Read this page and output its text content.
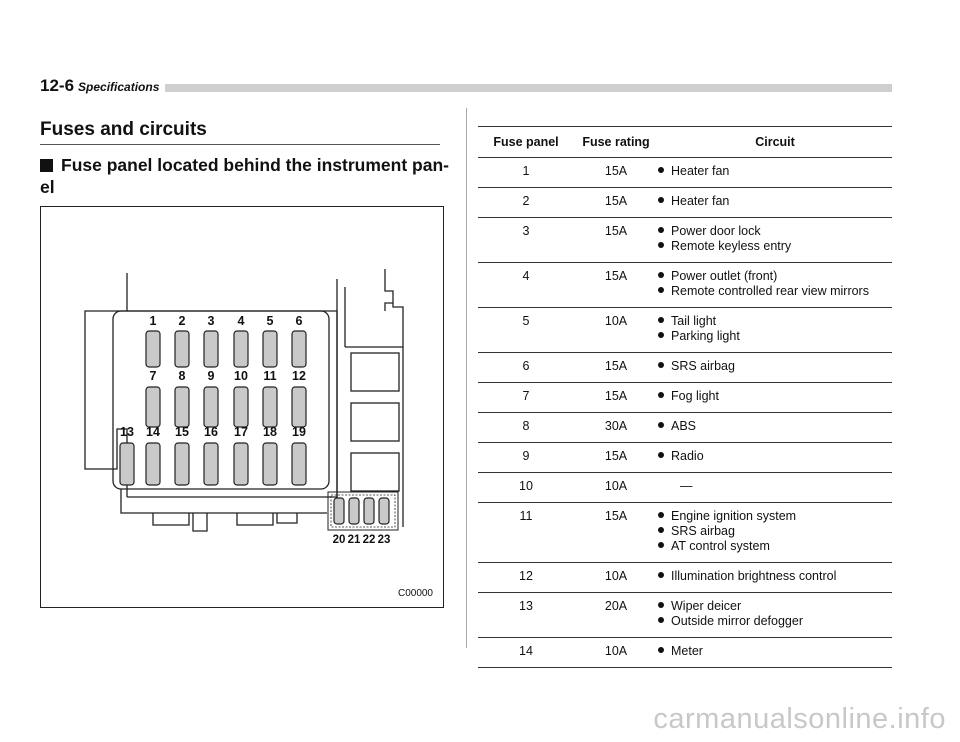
12-6 Specifications
Fuses and circuits
Fuse panel located behind the instrument pan-el
1
7
2
8
3
9
4
10
5
11
6
12
13 14 15 16 17 18 19
20 21 22 23
C00000
Fuse panel	Fuse rating	Circuit
1	15A	Heater fan

2	15A	Heater fan

3	15A	Power door lock
Remote keyless entry

4	15A	Power outlet (front)
Remote controlled rear view mirrors

5	10A	Tail light
Parking light

6	15A	SRS airbag

7	15A	Fog light

8	30A	ABS

9	15A	Radio

10	10A	—
11	15A	Engine ignition system
SRS airbag
AT control system

12	10A	Illumination brightness control

13	20A	Wiper deicer
Outside mirror defogger

14	10A	Meter
carmanualsonline.info
